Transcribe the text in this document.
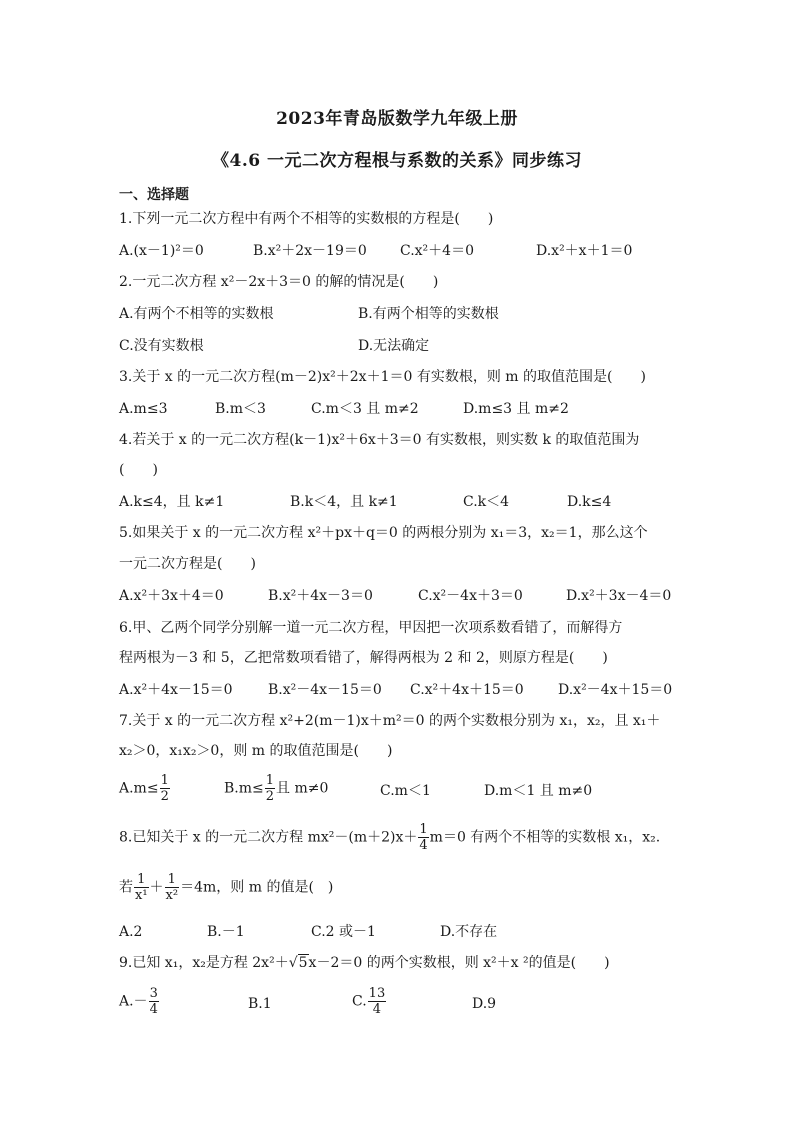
2023年青岛版数学九年级上册
《4.6 一元二次方程根与系数的关系》同步练习
一、选择题
1.下列一元二次方程中有两个不相等的实数根的方程是(　　)
A.(x－1)²＝0	B.x²＋2x－19＝0 C.x²＋4＝0	D.x²＋x＋1＝0
2.一元二次方程 x²－2x＋3＝0 的解的情况是(　　)
A.有两个不相等的实数根	B.有两个相等的实数根
C.没有实数根	D.无法确定
3.关于 x 的一元二次方程(m－2)x²＋2x＋1＝0 有实数根，则 m 的取值范围是(　　)
A.m≤3	B.m＜3	C.m＜3 且 m≠2	D.m≤3 且 m≠2
4.若关于 x 的一元二次方程(k－1)x²＋6x＋3＝0 有实数根，则实数 k 的取值范围为
(　　)
A.k≤4，且 k≠1	B.k＜4，且 k≠1	C.k＜4	D.k≤4
5.如果关于 x 的一元二次方程 x²＋px＋q＝0 的两根分别为 x₁＝3，x₂＝1，那么这个
一元二次方程是(　　)
A.x²＋3x＋4＝0	B.x²＋4x－3＝0	C.x²－4x＋3＝0	D.x²＋3x－4＝0
6.甲、乙两个同学分别解一道一元二次方程，甲因把一次项系数看错了，而解得方
程两根为－3 和 5，乙把常数项看错了，解得两根为 2 和 2，则原方程是(　　)
A.x²＋4x－15＝0	B.x²－4x－15＝0 C.x²＋4x＋15＝0 D.x²－4x＋15＝0
7.关于 x 的一元二次方程 x²+2(m－1)x＋m²＝0 的两个实数根分别为 x₁，x₂，且 x₁＋
x₂＞0，x₁x₂＞0，则 m 的取值范围是(　　)
$A.m\le \frac{1}{2}$	$B.m\le \frac{1}{2}$ 且 m≠0	C.m＜1	D.m＜1 且 m≠0
8.已知关于 x 的一元二次方程 $mx^2-(m+2)x+ \frac{1}{4} m=0$ 有两个不相等的实数根 x₁，x₂.
若 $\frac{1}{\text{x¹}} + \frac{1}{\text{x²}} =4m$，则 m 的值是(　)
A.2	B.－1	C.2 或－1	D.不存在
9.已知 x₁，x₂是方程 2x²＋√5x－2＝0 的两个实数根，则 x²＋x ²的值是(　　)
$A.- \frac{3}{4}$	B.1	C. $\frac{13}{4}$	D.9
